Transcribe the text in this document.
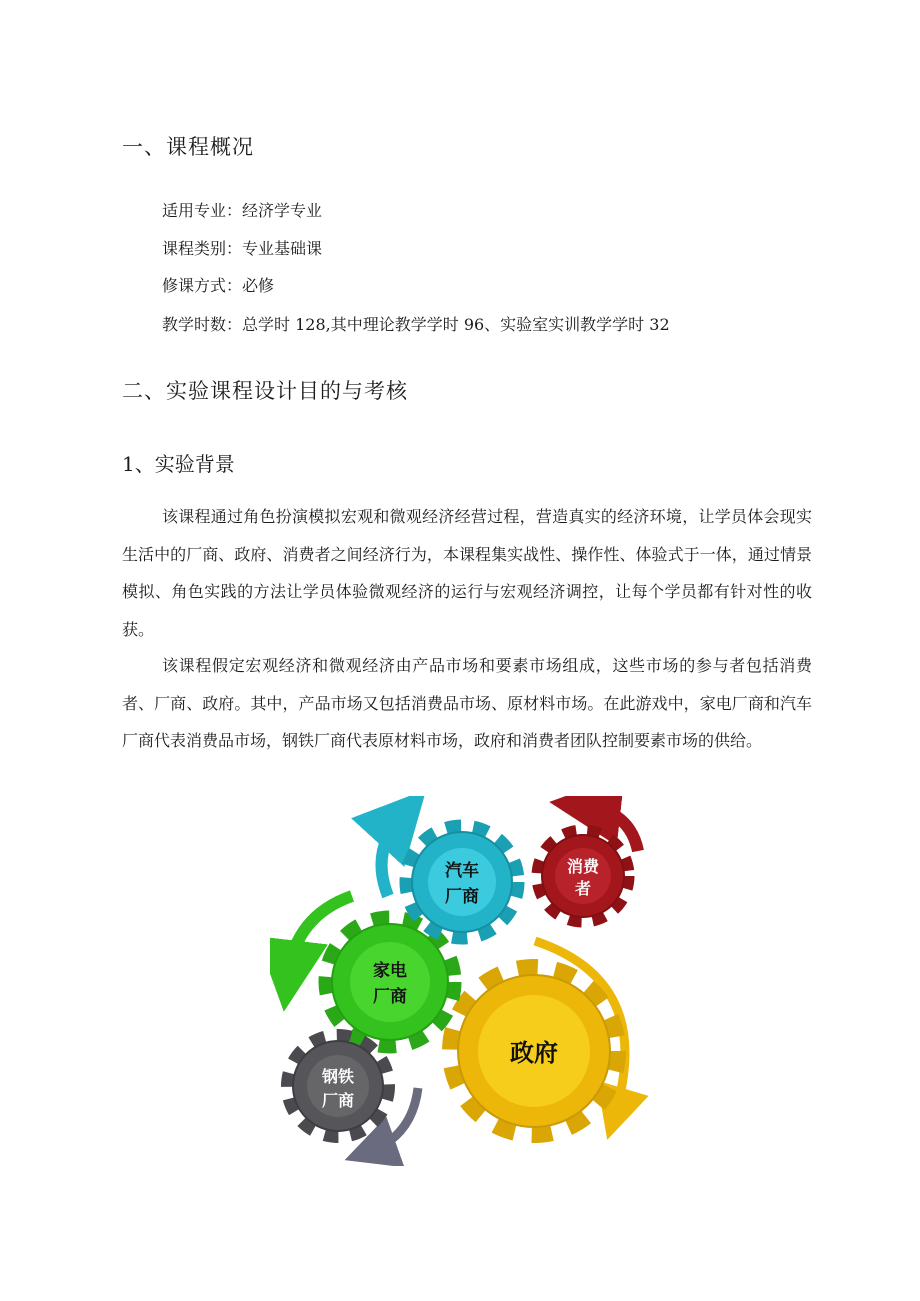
一、课程概况
适用专业：经济学专业
课程类别：专业基础课
修课方式：必修
教学时数：总学时 128,其中理论教学学时 96、实验室实训教学学时 32
二、实验课程设计目的与考核
1、实验背景

该课程通过角色扮演模拟宏观和微观经济经营过程，营造真实的经济环境，让学员体会现实生活中的厂商、政府、消费者之间经济行为，本课程集实战性、操作性、体验式于一体，通过情景模拟、角色实践的方法让学员体验微观经济的运行与宏观经济调控，让每个学员都有针对性的收获。

该课程假定宏观经济和微观经济由产品市场和要素市场组成，这些市场的参与者包括消费者、厂商、政府。其中，产品市场又包括消费品市场、原材料市场。在此游戏中，家电厂商和汽车厂商代表消费品市场，钢铁厂商代表原材料市场，政府和消费者团队控制要素市场的供给。

政府
家电
厂商
汽车
厂商
消费
者
钢铁
厂商
